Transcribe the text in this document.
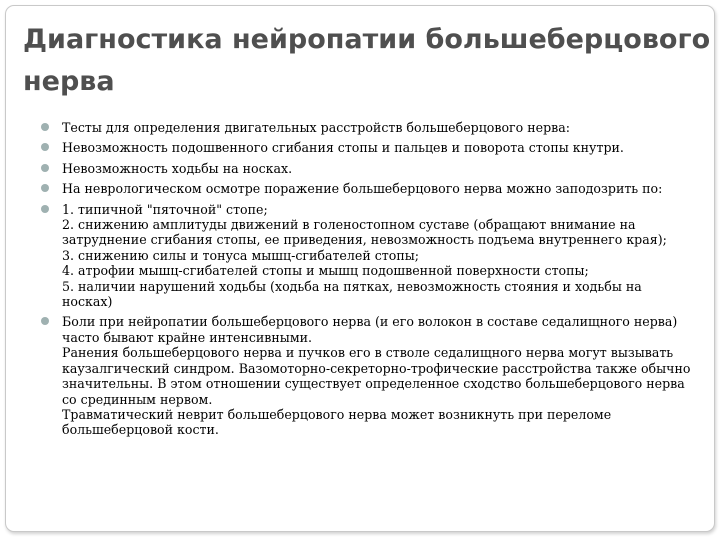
Диагностика нейропатии большеберцового нерва
Тесты для определения двигательных расстройств большеберцового нерва:
Невозможность подошвенного сгибания стопы и пальцев и поворота стопы кнутри.
Невозможность ходьбы на носках.
На неврологическом осмотре поражение большеберцового нерва можно заподозрить по:
1. типичной "пяточной" стопе;
2. снижению амплитуды движений в голеностопном суставе (обращают внимание на затруднение сгибания стопы, ее приведения, невозможность подъема внутреннего края);
3. снижению силы и тонуса мышц-сгибателей стопы;
4. атрофии мышц-сгибателей стопы и мышц подошвенной поверхности стопы;
5. наличии нарушений ходьбы (ходьба на пятках, невозможность стояния и ходьбы на носках)
Боли при нейропатии большеберцового нерва (и его волокон в составе седалищного нерва) часто бывают крайне интенсивными.
Ранения большеберцового нерва и пучков его в стволе седалищного нерва могут вызывать каузалгический синдром. Вазомоторно-секреторно-трофические расстройства также обычно значительны. В этом отношении существует определенное сходство большеберцового нерва со срединным нервом.
Травматический неврит большеберцового нерва может возникнуть при переломе большеберцовой кости.
